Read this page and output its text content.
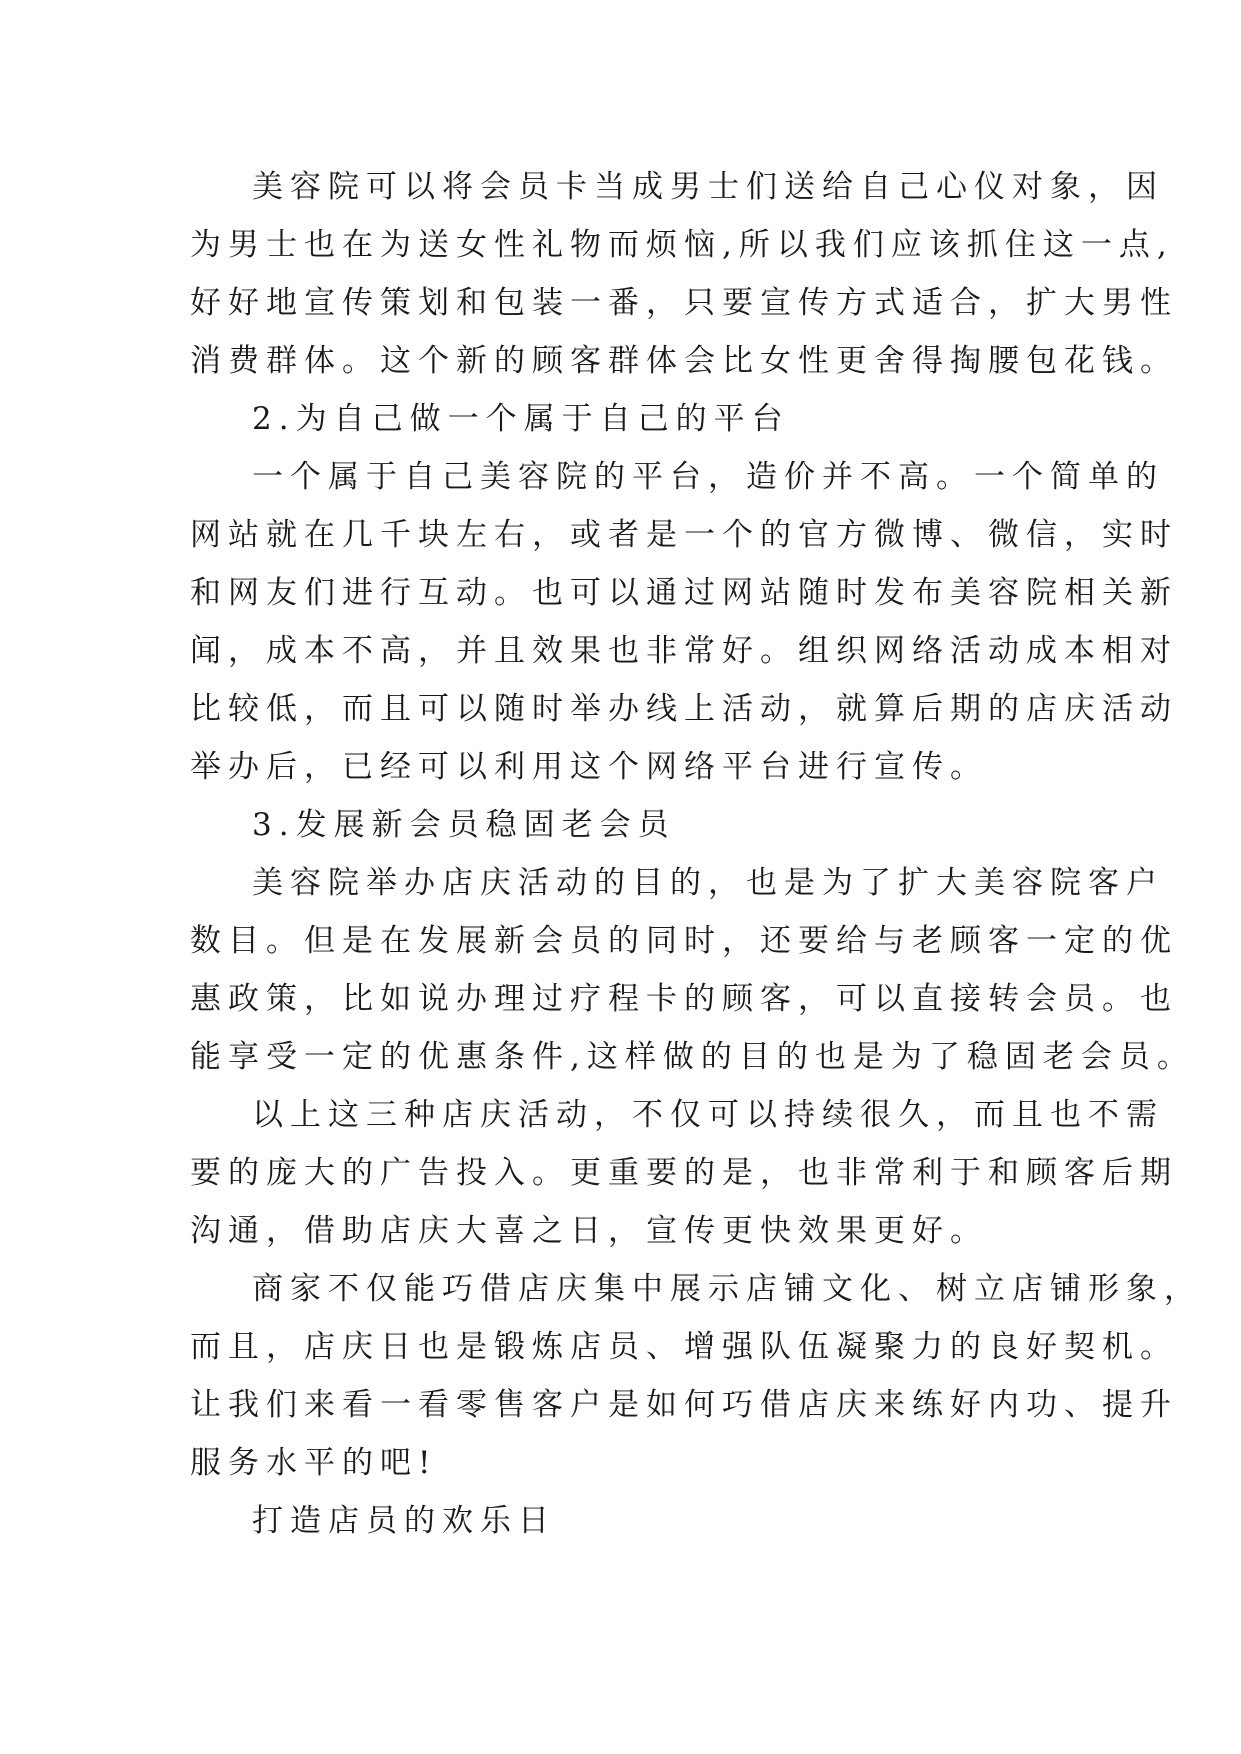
美容院可以将会员卡当成男士们送给自己心仪对象，因

为男士也在为送女性礼物而烦恼,所以我们应该抓住这一点,

好好地宣传策划和包装一番，只要宣传方式适合，扩大男性

消费群体。这个新的顾客群体会比女性更舍得掏腰包花钱。

2.为自己做一个属于自己的平台

一个属于自己美容院的平台，造价并不高。一个简单的

网站就在几千块左右，或者是一个的官方微博、微信，实时

和网友们进行互动。也可以通过网站随时发布美容院相关新

闻，成本不高，并且效果也非常好。组织网络活动成本相对

比较低，而且可以随时举办线上活动，就算后期的店庆活动

举办后，已经可以利用这个网络平台进行宣传。

3.发展新会员稳固老会员

美容院举办店庆活动的目的，也是为了扩大美容院客户

数目。但是在发展新会员的同时，还要给与老顾客一定的优

惠政策，比如说办理过疗程卡的顾客，可以直接转会员。也

能享受一定的优惠条件,这样做的目的也是为了稳固老会员。

以上这三种店庆活动，不仅可以持续很久，而且也不需

要的庞大的广告投入。更重要的是，也非常利于和顾客后期

沟通，借助店庆大喜之日，宣传更快效果更好。

商家不仅能巧借店庆集中展示店铺文化、树立店铺形象，

而且，店庆日也是锻炼店员、增强队伍凝聚力的良好契机。

让我们来看一看零售客户是如何巧借店庆来练好内功、提升

服务水平的吧!

打造店员的欢乐日
